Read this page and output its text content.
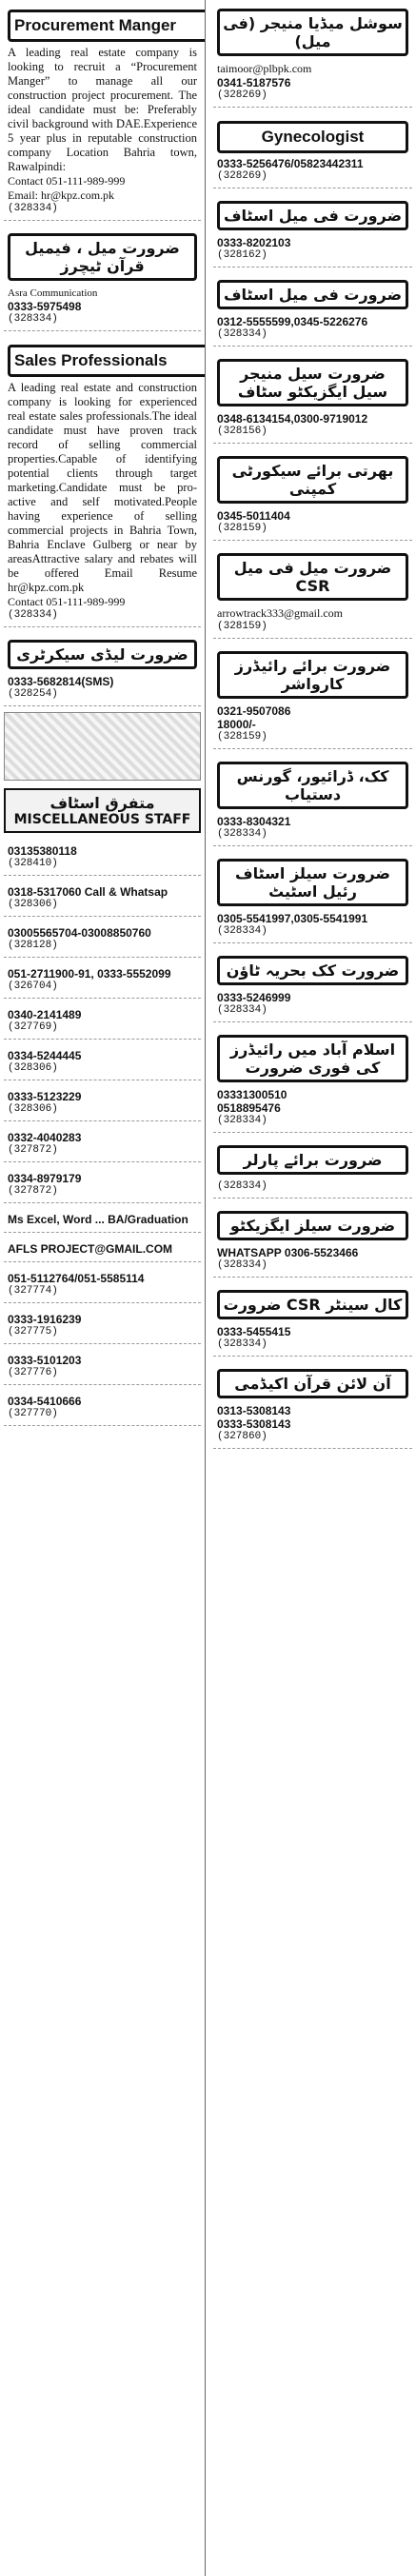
Procurement Manger
A leading real estate company is looking to recruit a “Procurement Manger” to manage all our construction project procurement. The ideal candidate must be: Preferably civil background with DAE.Experience 5 year plus in reputable construction company Location Bahria town, Rawalpindi:
Contact 051-111-989-999
Email: hr@kpz.com.pk
(328334)
ضرورت میل ، فیمیل قرآن ٹیچرز
Asra Communication
0333-5975498
(328334)
Sales Professionals
A leading real estate and construction company is looking for experienced real estate sales professionals.The ideal candidate must have proven track record of selling commercial properties.Capable of identifying potential clients through target marketing.Candidate must be pro-active and self motivated.People having experience of selling commercial projects in Bahria Town, Bahria Enclave Gulberg or near by areasAttractive salary and rebates will be offered Email Resume hr@kpz.com.pk
Contact 051-111-989-999
(328334)
ضرورت لیڈی سیکرٹری
0333-5682814(SMS)
(328254)
متفرق اسٹاف
MISCELLANEOUS STAFF
03135380118
(328410)
0318-5317060 Call & Whatsap
(328306)
03005565704-03008850760
(328128)
051-2711900-91, 0333-5552099
(326704)
0340-2141489
(327769)
0334-5244445
(328306)
0333-5123229
(328306)
0332-4040283
(327872)
0334-8979179
(327872)
Ms Excel, Word ... BA/Graduation
AFLS PROJECT@GMAIL.COM
051-5112764/051-5585114
(327774)
0333-1916239
(327775)
0333-5101203
(327776)
0334-5410666
(327770)
سوشل میڈیا منیجر (فی میل)
taimoor@plbpk.com
0341-5187576
(328269)
Gynecologist
0333-5256476/05823442311
(328269)
ضرورت فی میل اسٹاف
0333-8202103
(328162)
ضرورت فی میل اسٹاف
0312-5555599,0345-5226276
(328334)
ضرورت سیل منیجر سیل ایگزیکٹو سٹاف
0348-6134154,0300-9719012
(328156)
بھرتی برائے سیکورٹی کمپنی
0345-5011404
(328159)
ضرورت میل فی میل CSR
arrowtrack333@gmail.com
(328159)
ضرورت برائے رائیڈرز کارواشر
0321-9507086
18000/-
(328159)
کک، ڈرائیور، گورنس دستیاب
0333-8304321
(328334)
ضرورت سیلز اسٹاف رئیل اسٹیٹ
0305-5541997,0305-5541991
(328334)
ضرورت کک بحریہ ٹاؤن
0333-5246999
(328334)
اسلام آباد میں رائیڈرز کی فوری ضرورت
03331300510
0518895476
(328334)
ضرورت برائے پارلر
(328334)
ضرورت سیلز ایگزیکٹو
WHATSAPP 0306-5523466
(328334)
ضرورت CSR کال سینٹر
0333-5455415
(328334)
آن لائن قرآن اکیڈمی
0313-5308143
0333-5308143
(327860)
